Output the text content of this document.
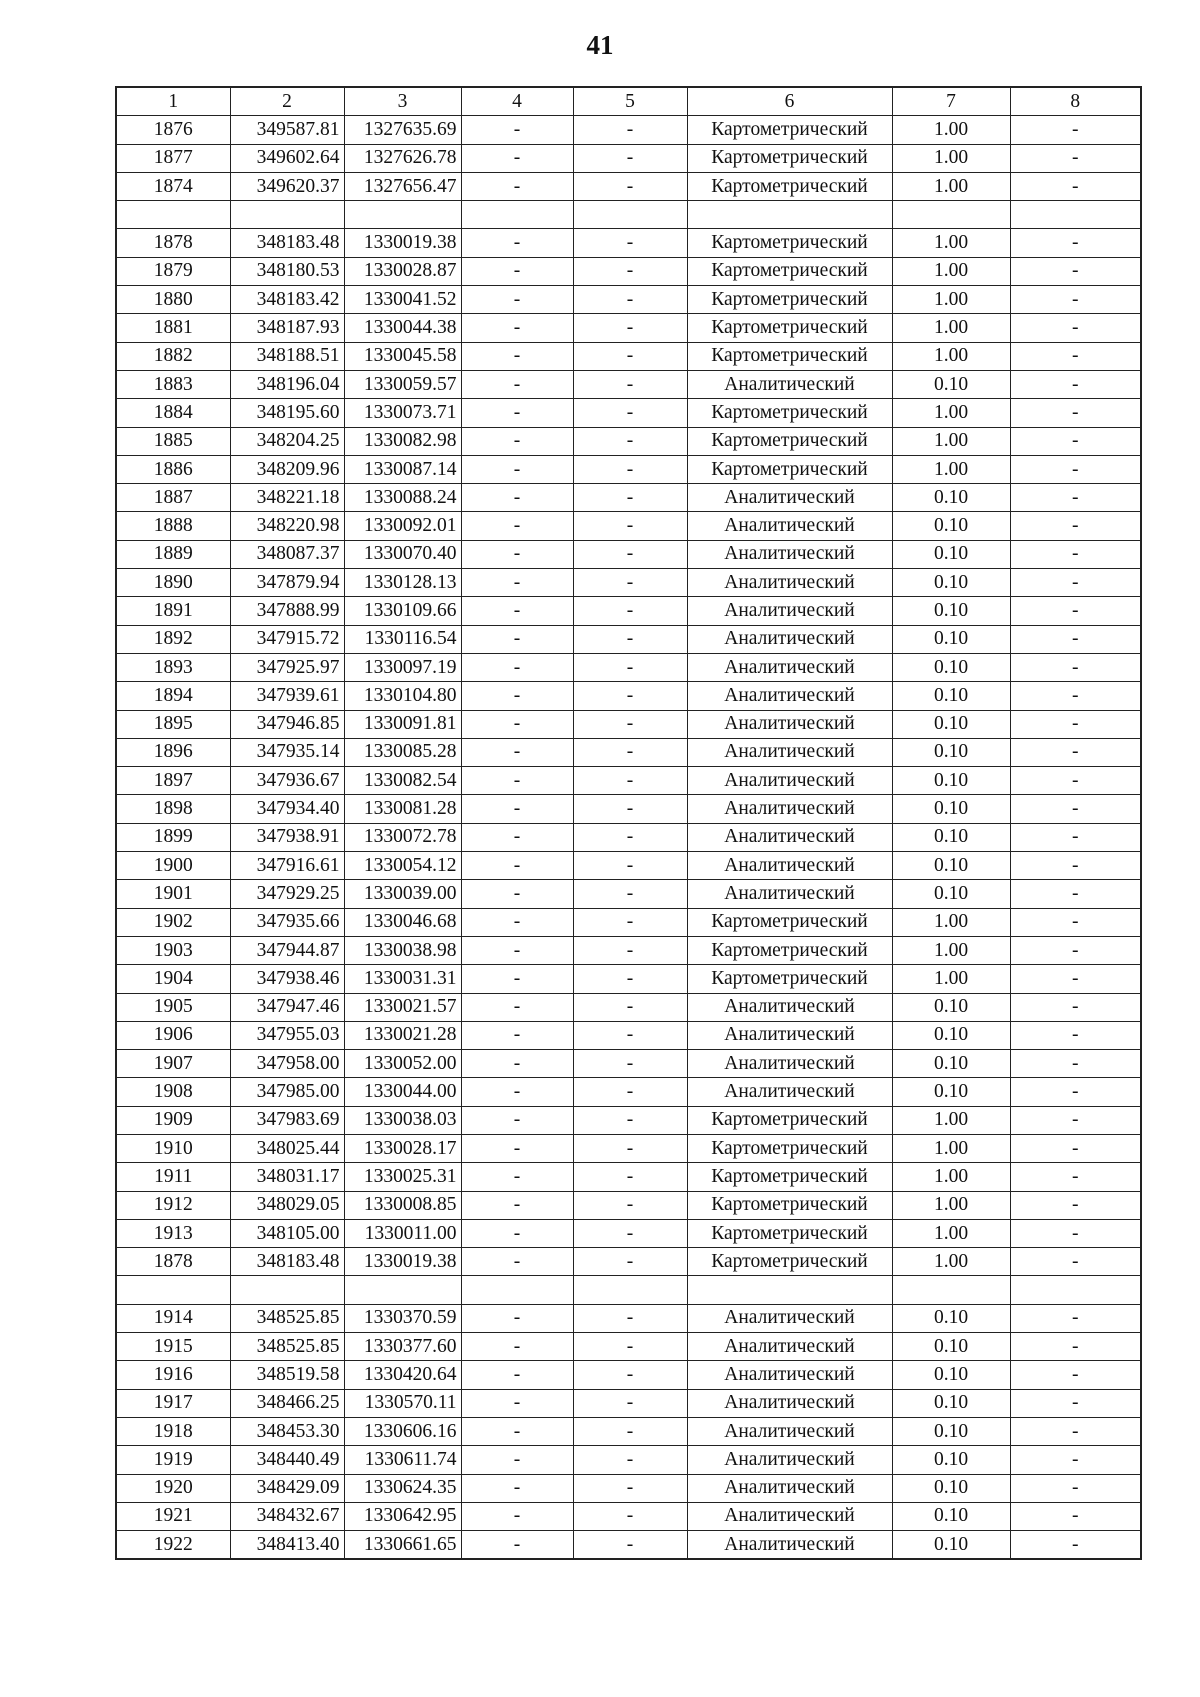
41
1	2	3	4	5	6	7	8
1876	349587.81	1327635.69	-	-	Картометрический	1.00	-
1877	349602.64	1327626.78	-	-	Картометрический	1.00	-
1874	349620.37	1327656.47	-	-	Картометрический	1.00	-

1878	348183.48	1330019.38	-	-	Картометрический	1.00	-
1879	348180.53	1330028.87	-	-	Картометрический	1.00	-
1880	348183.42	1330041.52	-	-	Картометрический	1.00	-
1881	348187.93	1330044.38	-	-	Картометрический	1.00	-
1882	348188.51	1330045.58	-	-	Картометрический	1.00	-
1883	348196.04	1330059.57	-	-	Аналитический	0.10	-
1884	348195.60	1330073.71	-	-	Картометрический	1.00	-
1885	348204.25	1330082.98	-	-	Картометрический	1.00	-
1886	348209.96	1330087.14	-	-	Картометрический	1.00	-
1887	348221.18	1330088.24	-	-	Аналитический	0.10	-
1888	348220.98	1330092.01	-	-	Аналитический	0.10	-
1889	348087.37	1330070.40	-	-	Аналитический	0.10	-
1890	347879.94	1330128.13	-	-	Аналитический	0.10	-
1891	347888.99	1330109.66	-	-	Аналитический	0.10	-
1892	347915.72	1330116.54	-	-	Аналитический	0.10	-
1893	347925.97	1330097.19	-	-	Аналитический	0.10	-
1894	347939.61	1330104.80	-	-	Аналитический	0.10	-
1895	347946.85	1330091.81	-	-	Аналитический	0.10	-
1896	347935.14	1330085.28	-	-	Аналитический	0.10	-
1897	347936.67	1330082.54	-	-	Аналитический	0.10	-
1898	347934.40	1330081.28	-	-	Аналитический	0.10	-
1899	347938.91	1330072.78	-	-	Аналитический	0.10	-
1900	347916.61	1330054.12	-	-	Аналитический	0.10	-
1901	347929.25	1330039.00	-	-	Аналитический	0.10	-
1902	347935.66	1330046.68	-	-	Картометрический	1.00	-
1903	347944.87	1330038.98	-	-	Картометрический	1.00	-
1904	347938.46	1330031.31	-	-	Картометрический	1.00	-
1905	347947.46	1330021.57	-	-	Аналитический	0.10	-
1906	347955.03	1330021.28	-	-	Аналитический	0.10	-
1907	347958.00	1330052.00	-	-	Аналитический	0.10	-
1908	347985.00	1330044.00	-	-	Аналитический	0.10	-
1909	347983.69	1330038.03	-	-	Картометрический	1.00	-
1910	348025.44	1330028.17	-	-	Картометрический	1.00	-
1911	348031.17	1330025.31	-	-	Картометрический	1.00	-
1912	348029.05	1330008.85	-	-	Картометрический	1.00	-
1913	348105.00	1330011.00	-	-	Картометрический	1.00	-
1878	348183.48	1330019.38	-	-	Картометрический	1.00	-

1914	348525.85	1330370.59	-	-	Аналитический	0.10	-
1915	348525.85	1330377.60	-	-	Аналитический	0.10	-
1916	348519.58	1330420.64	-	-	Аналитический	0.10	-
1917	348466.25	1330570.11	-	-	Аналитический	0.10	-
1918	348453.30	1330606.16	-	-	Аналитический	0.10	-
1919	348440.49	1330611.74	-	-	Аналитический	0.10	-
1920	348429.09	1330624.35	-	-	Аналитический	0.10	-
1921	348432.67	1330642.95	-	-	Аналитический	0.10	-
1922	348413.40	1330661.65	-	-	Аналитический	0.10	-
